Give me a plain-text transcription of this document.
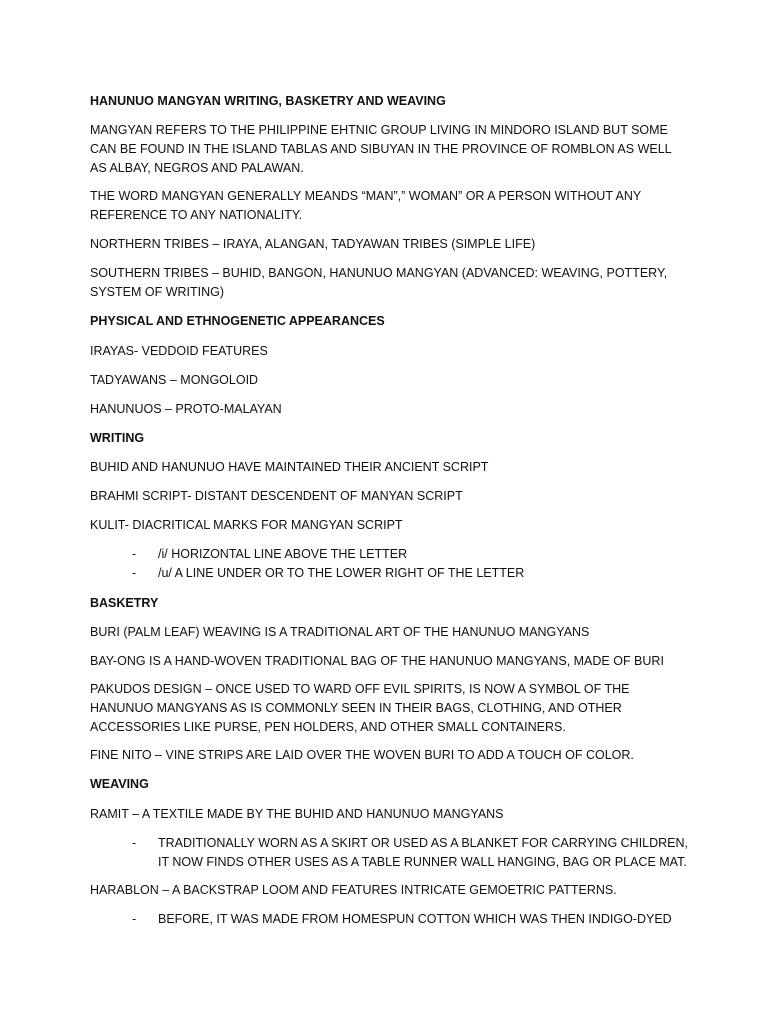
HANUNUO MANGYAN WRITING, BASKETRY AND WEAVING

MANGYAN REFERS TO THE PHILIPPINE EHTNIC GROUP LIVING IN MINDORO ISLAND BUT SOME CAN BE FOUND IN THE ISLAND TABLAS AND SIBUYAN IN THE PROVINCE OF ROMBLON AS WELL AS ALBAY, NEGROS AND PALAWAN.

THE WORD MANGYAN GENERALLY MEANDS “MAN”,” WOMAN” OR A PERSON WITHOUT ANY REFERENCE TO ANY NATIONALITY.

NORTHERN TRIBES – IRAYA, ALANGAN, TADYAWAN TRIBES (SIMPLE LIFE)

SOUTHERN TRIBES – BUHID, BANGON, HANUNUO MANGYAN (ADVANCED: WEAVING, POTTERY, SYSTEM OF WRITING)

PHYSICAL AND ETHNOGENETIC APPEARANCES

IRAYAS- VEDDOID FEATURES

TADYAWANS – MONGOLOID

HANUNUOS – PROTO-MALAYAN

WRITING

BUHID AND HANUNUO HAVE MAINTAINED THEIR ANCIENT SCRIPT

BRAHMI SCRIPT- DISTANT DESCENDENT OF MANYAN SCRIPT

KULIT- DIACRITICAL MARKS FOR MANGYAN SCRIPT

- /i/ HORIZONTAL LINE ABOVE THE LETTER
- /u/ A LINE UNDER OR TO THE LOWER RIGHT OF THE LETTER

BASKETRY

BURI (PALM LEAF) WEAVING IS A TRADITIONAL ART OF THE HANUNUO MANGYANS

BAY-ONG IS A HAND-WOVEN TRADITIONAL BAG OF THE HANUNUO MANGYANS, MADE OF BURI

PAKUDOS DESIGN – ONCE USED TO WARD OFF EVIL SPIRITS, IS NOW A SYMBOL OF THE HANUNUO MANGYANS AS IS COMMONLY SEEN IN THEIR BAGS, CLOTHING, AND OTHER ACCESSORIES LIKE PURSE, PEN HOLDERS, AND OTHER SMALL CONTAINERS.

FINE NITO – VINE STRIPS ARE LAID OVER THE WOVEN BURI TO ADD A TOUCH OF COLOR.

WEAVING

RAMIT – A TEXTILE MADE BY THE BUHID AND HANUNUO MANGYANS

- TRADITIONALLY WORN AS A SKIRT OR USED AS A BLANKET FOR CARRYING CHILDREN, IT NOW FINDS OTHER USES AS A TABLE RUNNER WALL HANGING, BAG OR PLACE MAT.

HARABLON – A BACKSTRAP LOOM AND FEATURES INTRICATE GEMOETRIC PATTERNS.

- BEFORE, IT WAS MADE FROM HOMESPUN COTTON WHICH WAS THEN INDIGO-DYED
